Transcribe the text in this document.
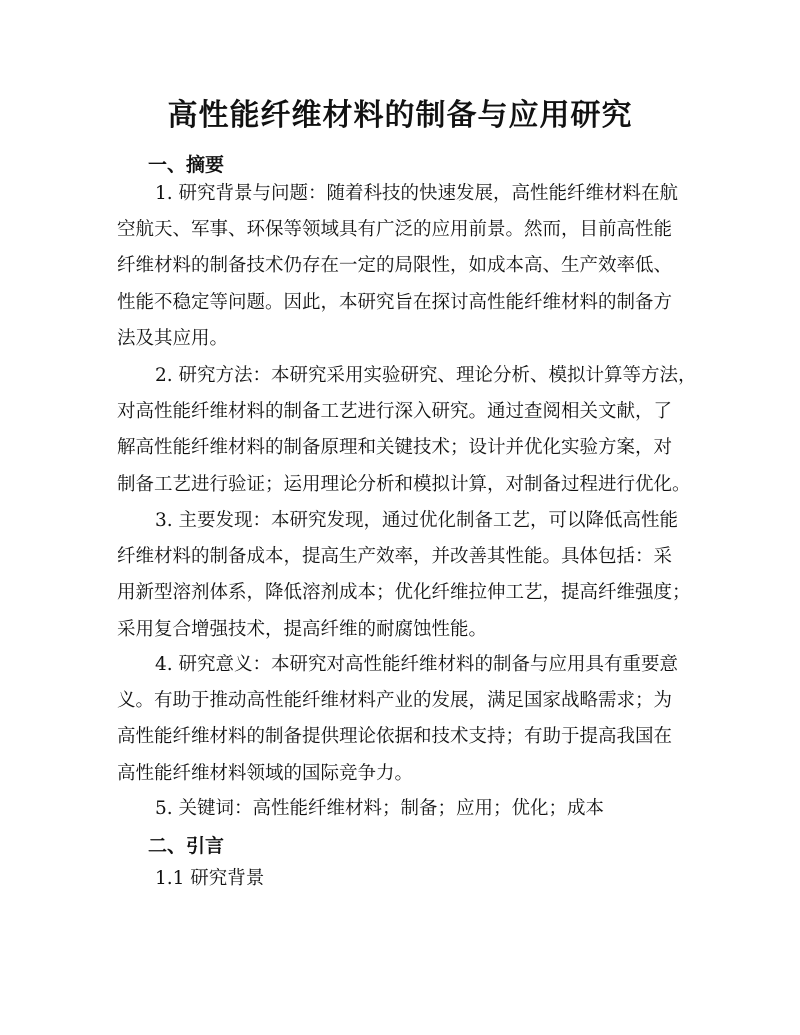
高性能纤维材料的制备与应用研究
一、摘要
1. 研究背景与问题：随着科技的快速发展，高性能纤维材料在航
空航天、军事、环保等领域具有广泛的应用前景。然而，目前高性能
纤维材料的制备技术仍存在一定的局限性，如成本高、生产效率低、
性能不稳定等问题。因此，本研究旨在探讨高性能纤维材料的制备方
法及其应用。
2. 研究方法：本研究采用实验研究、理论分析、模拟计算等方法，
对高性能纤维材料的制备工艺进行深入研究。通过查阅相关文献，了
解高性能纤维材料的制备原理和关键技术；设计并优化实验方案，对
制备工艺进行验证；运用理论分析和模拟计算，对制备过程进行优化。
3. 主要发现：本研究发现，通过优化制备工艺，可以降低高性能
纤维材料的制备成本，提高生产效率，并改善其性能。具体包括：采
用新型溶剂体系，降低溶剂成本；优化纤维拉伸工艺，提高纤维强度；
采用复合增强技术，提高纤维的耐腐蚀性能。
4. 研究意义：本研究对高性能纤维材料的制备与应用具有重要意
义。有助于推动高性能纤维材料产业的发展，满足国家战略需求；为
高性能纤维材料的制备提供理论依据和技术支持；有助于提高我国在
高性能纤维材料领域的国际竞争力。
5. 关键词：高性能纤维材料；制备；应用；优化；成本
二、引言
1.1 研究背景
